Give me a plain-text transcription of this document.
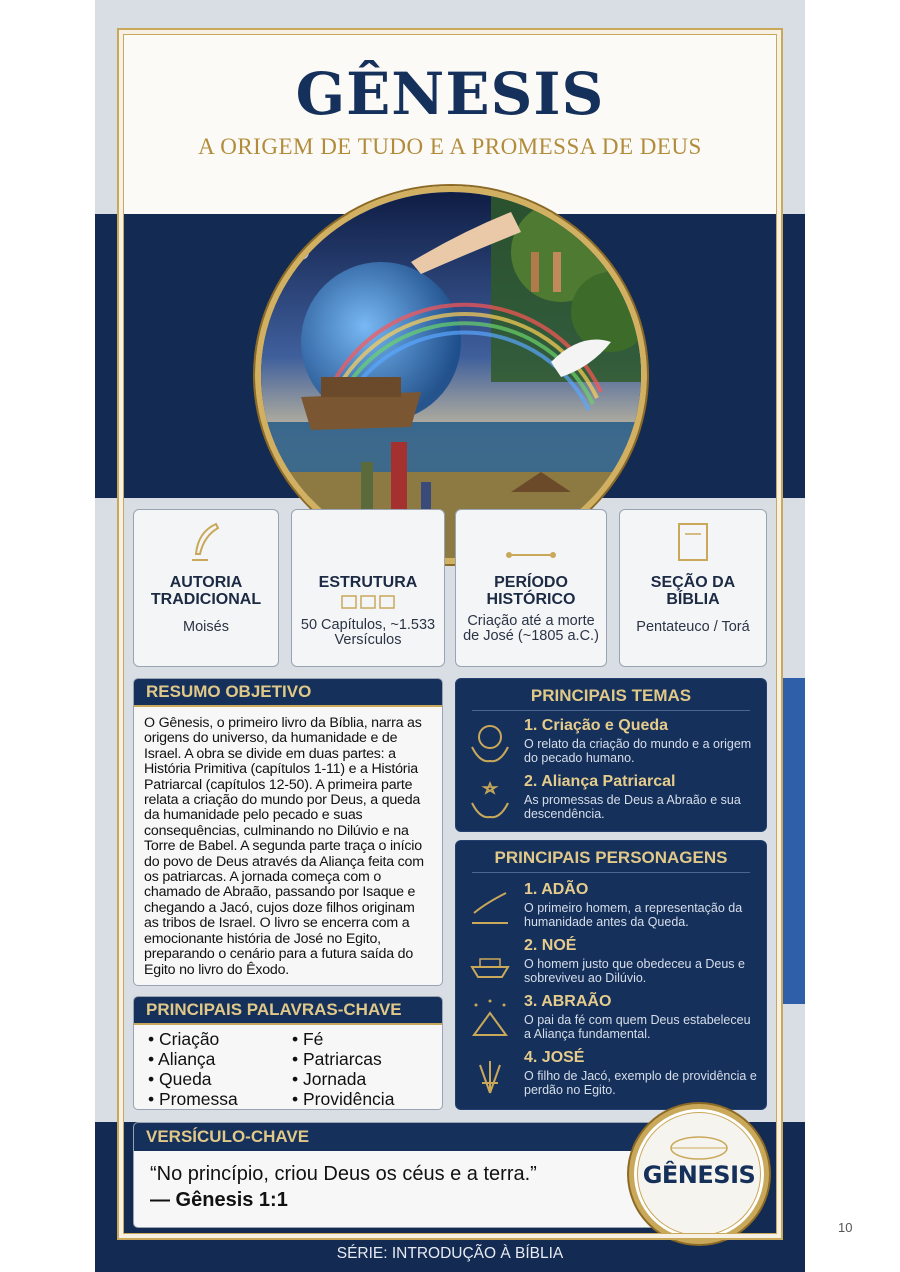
GÊNESIS
A ORIGEM DE TUDO E A PROMESSA DE DEUS
AUTORIA TRADICIONAL
Moisés
ESTRUTURA
50 Capítulos, ~1.533 Versículos
PERÍODO HISTÓRICO
Criação até a morte de José (~1805 a.C.)
SEÇÃO DA BÍBLIA
Pentateuco / Torá
RESUMO OBJETIVO
O Gênesis, o primeiro livro da Bíblia, narra as origens do universo, da humanidade e de Israel. A obra se divide em duas partes: a História Primitiva (capítulos 1-11) e a História Patriarcal (capítulos 12-50). A primeira parte relata a criação do mundo por Deus, a queda da humanidade pelo pecado e suas consequências, culminando no Dilúvio e na Torre de Babel. A segunda parte traça o início do povo de Deus através da Aliança feita com os patriarcas. A jornada começa com o chamado de Abraão, passando por Isaque e chegando a Jacó, cujos doze filhos originam as tribos de Israel. O livro se encerra com a emocionante história de José no Egito, preparando o cenário para a futura saída do Egito no livro do Êxodo.
PRINCIPAIS PALAVRAS-CHAVE
• Criação
• Aliança
• Queda
• Promessa
• Fé
• Patriarcas
• Jornada
• Providência
PRINCIPAIS TEMAS
1. Criação e Queda
O relato da criação do mundo e a origem do pecado humano.
2. Aliança Patriarcal
As promessas de Deus a Abraão e sua descendência.
PRINCIPAIS PERSONAGENS
1. ADÃO
O primeiro homem, a representação da humanidade antes da Queda.
2. NOÉ
O homem justo que obedeceu a Deus e sobreviveu ao Dilúvio.
3. ABRAÃO
O pai da fé com quem Deus estabeleceu a Aliança fundamental.
4. JOSÉ
O filho de Jacó, exemplo de providência e perdão no Egito.
VERSÍCULO-CHAVE
“No princípio, criou Deus os céus e a terra.”
— Gênesis 1:1
GÊNESIS
SÉRIE: INTRODUÇÃO À BÍBLIA
10
